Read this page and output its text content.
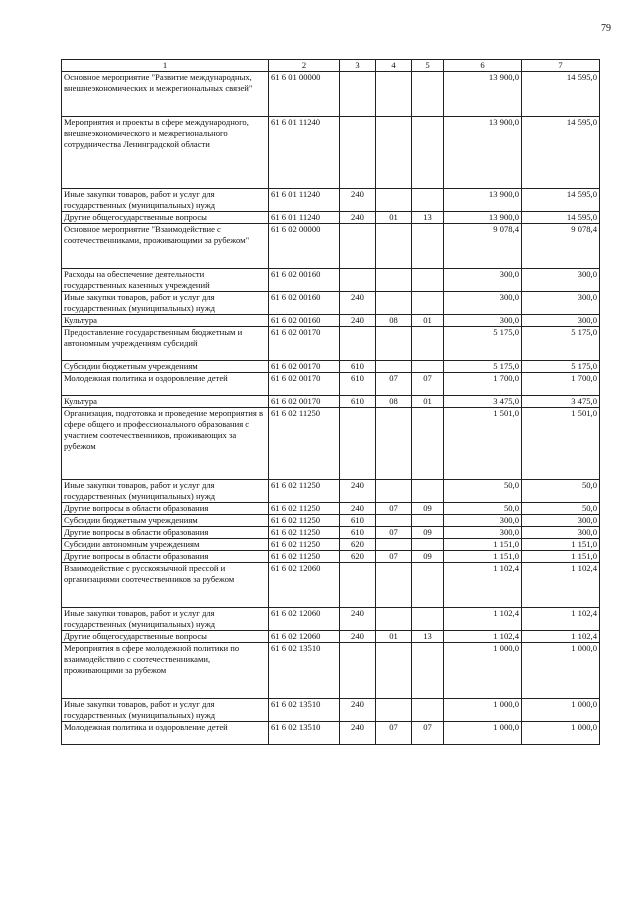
79
1	2	3	4	5	6	7
Основное мероприятие "Развитие международных, внешнеэкономических и межрегиональных связей"	61 6 01 00000				13 900,0	14 595,0
Мероприятия и проекты в сфере международного, внешнеэкономического и межрегионального сотрудничества Ленинградской области	61 6 01 11240				13 900,0	14 595,0
Иные закупки товаров, работ и услуг для государственных (муниципальных) нужд	61 6 01 11240	240			13 900,0	14 595,0
Другие общегосударственные вопросы	61 6 01 11240	240	01	13	13 900,0	14 595,0
Основное мероприятие "Взаимодействие с соотечественниками, проживающими за рубежом"	61 6 02 00000				9 078,4	9 078,4
Расходы на обеспечение деятельности государственных казенных учреждений	61 6 02 00160				300,0	300,0
Иные закупки товаров, работ и услуг для государственных (муниципальных) нужд	61 6 02 00160	240			300,0	300,0
Культура	61 6 02 00160	240	08	01	300,0	300,0
Предоставление государственным бюджетным и автономным учреждениям субсидий	61 6 02 00170				5 175,0	5 175,0
Субсидии бюджетным учреждениям	61 6 02 00170	610			5 175,0	5 175,0
Молодежная политика и оздоровление детей	61 6 02 00170	610	07	07	1 700,0	1 700,0
Культура	61 6 02 00170	610	08	01	3 475,0	3 475,0
Организация, подготовка и проведение мероприятия в сфере общего и профессионального образования с участием соотечественников, проживающих за рубежом	61 6 02 11250				1 501,0	1 501,0
Иные закупки товаров, работ и услуг для государственных (муниципальных) нужд	61 6 02 11250	240			50,0	50,0
Другие вопросы в области образования	61 6 02 11250	240	07	09	50,0	50,0
Субсидии бюджетным учреждениям	61 6 02 11250	610			300,0	300,0
Другие вопросы в области образования	61 6 02 11250	610	07	09	300,0	300,0
Субсидии автономным учреждениям	61 6 02 11250	620			1 151,0	1 151,0
Другие вопросы в области образования	61 6 02 11250	620	07	09	1 151,0	1 151,0
Взаимодействие с русскоязычной прессой и организациями соотечественников за рубежом	61 6 02 12060				1 102,4	1 102,4
Иные закупки товаров, работ и услуг для государственных (муниципальных) нужд	61 6 02 12060	240			1 102,4	1 102,4
Другие общегосударственные вопросы	61 6 02 12060	240	01	13	1 102,4	1 102,4
Мероприятия в сфере молодежной политики по взаимодействию с соотечественниками, проживающими за рубежом	61 6 02 13510				1 000,0	1 000,0
Иные закупки товаров, работ и услуг для государственных (муниципальных) нужд	61 6 02 13510	240			1 000,0	1 000,0
Молодежная политика и оздоровление детей	61 6 02 13510	240	07	07	1 000,0	1 000,0
